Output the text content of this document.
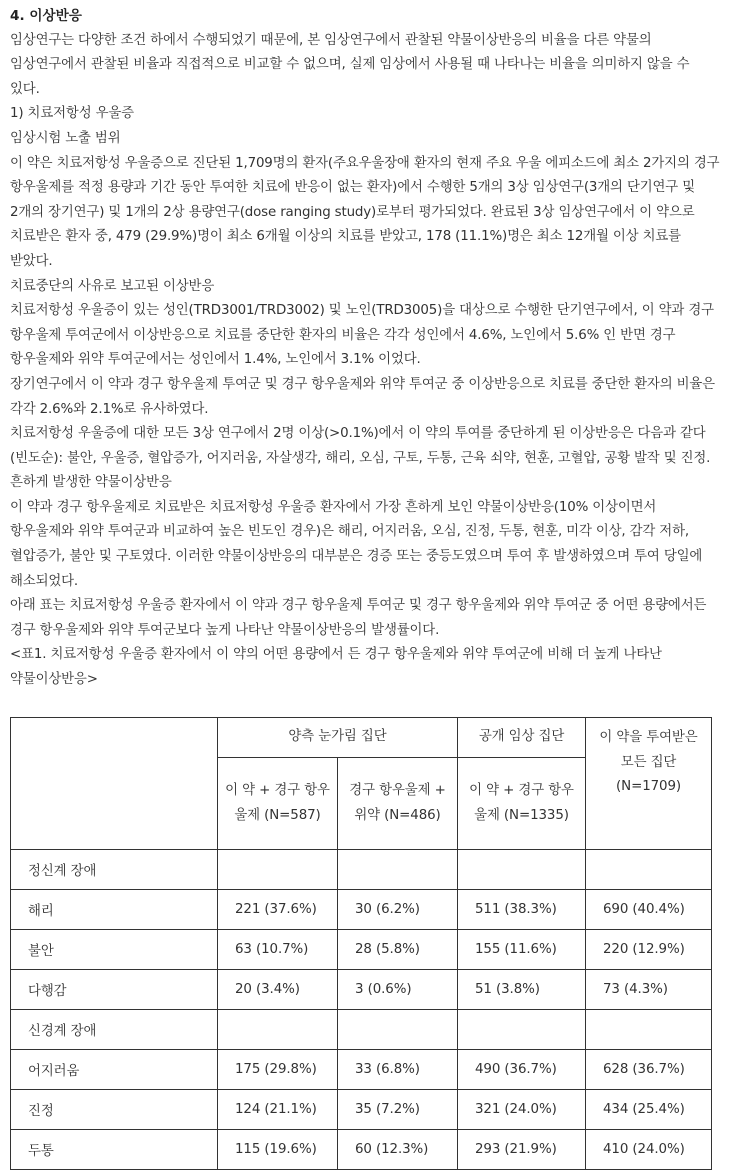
4. 이상반응

임상연구는 다양한 조건 하에서 수행되었기 때문에, 본 임상연구에서 관찰된 약물이상반응의 비율을 다른 약물의 임상연구에서 관찰된 비율과 직접적으로 비교할 수 없으며, 실제 임상에서 사용될 때 나타나는 비율을 의미하지 않을 수 있다.

1) 치료저항성 우울증

임상시험 노출 범위

이 약은 치료저항성 우울증으로 진단된 1,709명의 환자(주요우울장애 환자의 현재 주요 우울 에피소드에 최소 2가지의 경구 항우울제를 적정 용량과 기간 동안 투여한 치료에 반응이 없는 환자)에서 수행한 5개의 3상 임상연구(3개의 단기연구 및 2개의 장기연구) 및 1개의 2상 용량연구(dose ranging study)로부터 평가되었다. 완료된 3상 임상연구에서 이 약으로 치료받은 환자 중, 479 (29.9%)명이 최소 6개월 이상의 치료를 받았고, 178 (11.1%)명은 최소 12개월 이상 치료를 받았다.

치료중단의 사유로 보고된 이상반응

치료저항성 우울증이 있는 성인(TRD3001/TRD3002) 및 노인(TRD3005)을 대상으로 수행한 단기연구에서, 이 약과 경구 항우울제 투여군에서 이상반응으로 치료를 중단한 환자의 비율은 각각 성인에서 4.6%, 노인에서 5.6% 인 반면 경구 항우울제와 위약 투여군에서는 성인에서 1.4%, 노인에서 3.1% 이었다.

장기연구에서 이 약과 경구 항우울제 투여군 및 경구 항우울제와 위약 투여군 중 이상반응으로 치료를 중단한 환자의 비율은 각각 2.6%와 2.1%로 유사하였다.

치료저항성 우울증에 대한 모든 3상 연구에서 2명 이상(>0.1%)에서 이 약의 투여를 중단하게 된 이상반응은 다음과 같다(빈도순): 불안, 우울증, 혈압증가, 어지러움, 자살생각, 해리, 오심, 구토, 두통, 근육 쇠약, 현훈, 고혈압, 공황 발작 및 진정.

흔하게 발생한 약물이상반응

이 약과 경구 항우울제로 치료받은 치료저항성 우울증 환자에서 가장 흔하게 보인 약물이상반응(10% 이상이면서 항우울제와 위약 투여군과 비교하여 높은 빈도인 경우)은 해리, 어지러움, 오심, 진정, 두통, 현훈, 미각 이상, 감각 저하, 혈압증가, 불안 및 구토였다. 이러한 약물이상반응의 대부분은 경증 또는 중등도였으며 투여 후 발생하였으며 투여 당일에 해소되었다.

아래 표는 치료저항성 우울증 환자에서 이 약과 경구 항우울제 투여군 및 경구 항우울제와 위약 투여군 중 어떤 용량에서든 경구 항우울제와 위약 투여군보다 높게 나타난 약물이상반응의 발생률이다.

<표1. 치료저항성 우울증 환자에서 이 약의 어떤 용량에서 든 경구 항우울제와 위약 투여군에 비해 더 높게 나타난 약물이상반응>

	양측 눈가림 집단		공개 임상 집단	이 약을 투여받은 모든 집단 (N=1709)
	이 약 + 경구 항우울제 (N=587)	경구 항우울제 + 위약 (N=486)	이 약 + 경구 항우울제 (N=1335)	
정신계 장애				
해리	221 (37.6%)	30 (6.2%)	511 (38.3%)	690 (40.4%)
불안	63 (10.7%)	28 (5.8%)	155 (11.6%)	220 (12.9%)
다행감	20 (3.4%)	3 (0.6%)	51 (3.8%)	73 (4.3%)
신경계 장애				
어지러움	175 (29.8%)	33 (6.8%)	490 (36.7%)	628 (36.7%)
진정	124 (21.1%)	35 (7.2%)	321 (24.0%)	434 (25.4%)
두통	115 (19.6%)	60 (12.3%)	293 (21.9%)	410 (24.0%)
